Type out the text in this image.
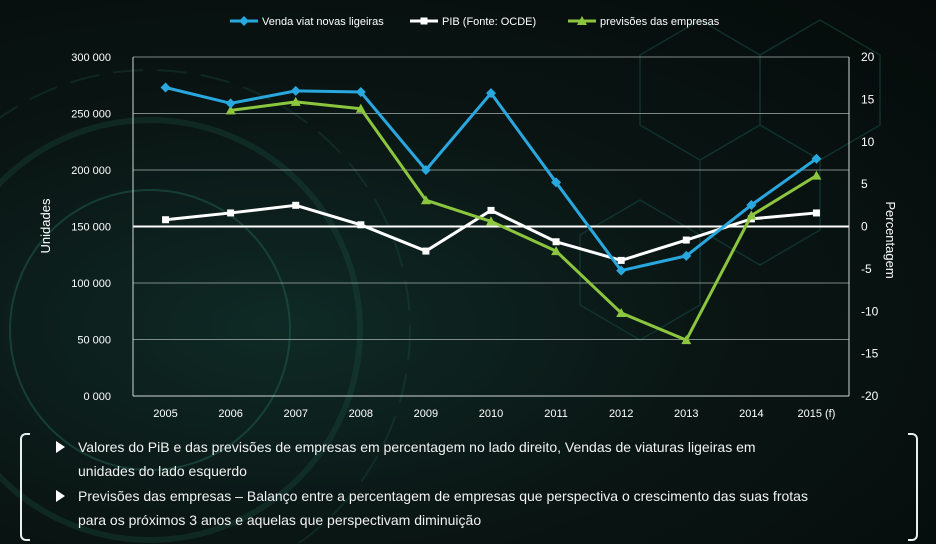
0 000
50 000
100 000
150 000
200 000
250 000
300 000
-20
-15
-10
-5
0
5
10
15
20
2005	2006	2007	2008	2009	2010	2011	2012	2013	2014	2015 (f)
Venda viat novas ligeiras	PIB (Fonte: OCDE)	previsões das empresas
Unidades	Percentagem
Valores do PiB e das previsões de empresas em percentagem no lado direito, Vendas de viaturas ligeiras em unidades do lado esquerdo
Previsões das empresas – Balanço entre a percentagem de empresas que perspectiva o crescimento das suas frotas para os próximos 3 anos e aquelas que perspectivam diminuição
